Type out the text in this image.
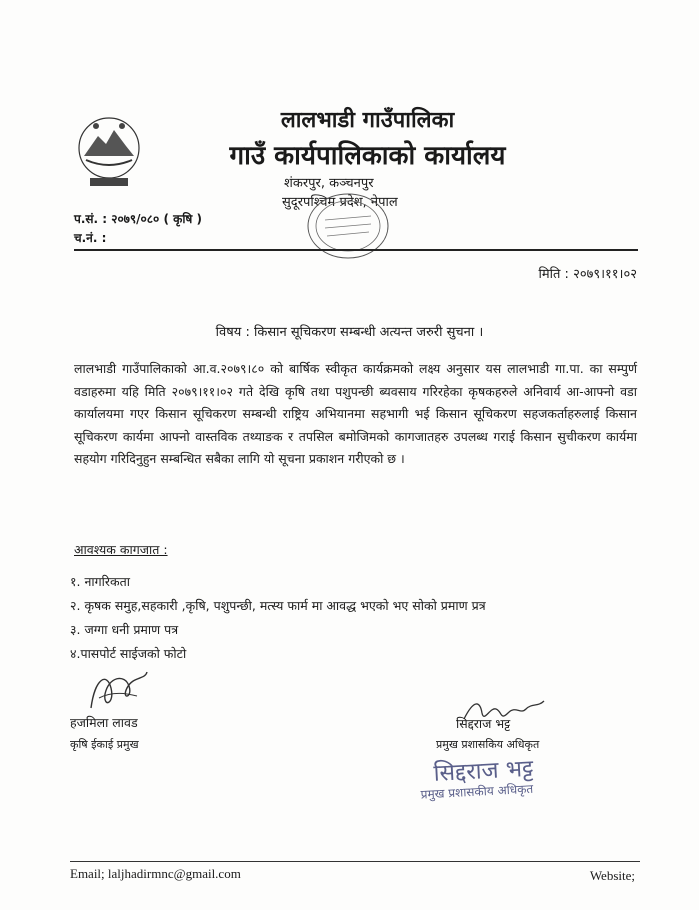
लालभाडी गाउँपालिका
गाउँ कार्यपालिकाको कार्यालय
शंकरपुर, कञ्चनपुर
सुदूरपश्चिम प्रदेश, नेपाल
प.सं. : २०७९/०८० ( कृषि )
च.नं. :
मिति : २०७९।११।०२
विषय : किसान सूचिकरण सम्बन्धी अत्यन्त जरुरी सुचना ।
लालभाडी गाउँपालिकाको आ.व.२०७९।८० को बार्षिक स्वीकृत कार्यक्रमको लक्ष्य अनुसार यस लालभाडी गा.पा. का सम्पुर्ण वडाहरुमा यहि मिति २०७९।११।०२ गते देखि कृषि तथा पशुपन्छी ब्यवसाय गरिरहेका कृषकहरुले अनिवार्य आ-आफ्नो वडा कार्यालयमा गएर किसान सूचिकरण सम्बन्धी राष्ट्रिय अभियानमा सहभागी भई किसान सूचिकरण सहजकर्ताहरुलाई किसान सूचिकरण कार्यमा आफ्नो वास्तविक तथ्याङक र तपसिल बमोजिमको कागजातहरु उपलब्ध गराई किसान सुचीकरण कार्यमा सहयोग गरिदिनुहुन सम्बन्धित सबैका लागि यो सूचना प्रकाशन गरीएको छ ।
आवश्यक कागजात :
१. नागरिकता
२. कृषक समुह,सहकारी ,कृषि, पशुपन्छी, मत्स्य फार्म मा आवद्ध भएको भए सोको प्रमाण प्रत्र
३. जग्गा धनी प्रमाण पत्र
४.पासपोर्ट साईजको फोटो
हजमिला लावड
कृषि ईकाई प्रमुख
सिद्दराज भट्ट
प्रमुख प्रशासकिय अधिकृत
सिद्दराज भट्ट
प्रमुख प्रशासकीय अधिकृत
Email; laljhadirmnc@gmail.com	Website;
